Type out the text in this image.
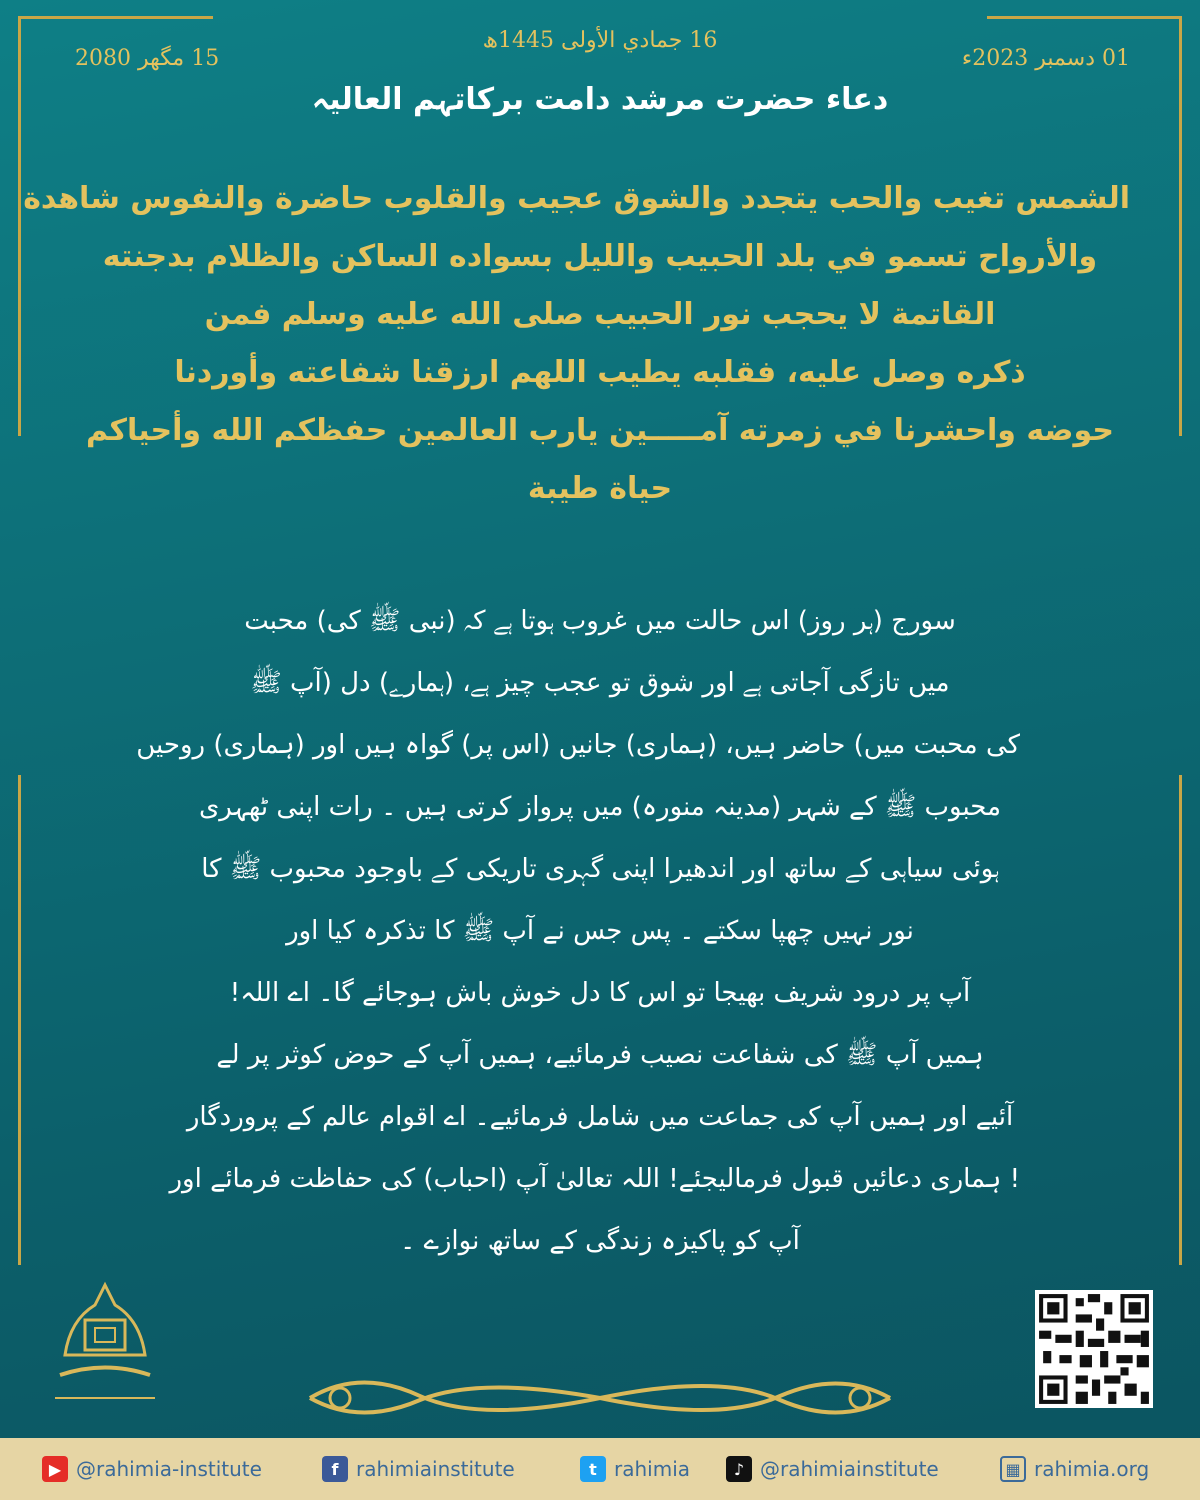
16 جمادي الأولى 1445ھ
15 مگھر 2080	01 دسمبر 2023ء
دعاء حضرت مرشد دامت برکاتہم العالیہ
الشمس تغيب والحب يتجدد والشوق عجيب والقلوب حاضرة والنفوس شاهدة
والأرواح تسمو في بلد الحبيب والليل بسواده الساكن والظلام بدجنته
القاتمة لا يحجب نور الحبيب صلى الله عليه وسلم فمن
ذكره وصل عليه، فقلبه يطيب اللهم ارزقنا شفاعته وأوردنا
حوضه واحشرنا في زمرته آمـــــين يارب العالمين حفظكم الله وأحياكم
حياة طيبة
سورج (ہر روز) اس حالت میں غروب ہوتا ہے کہ (نبی ﷺ کی) محبت
میں تازگی آجاتی ہے اور شوق تو عجب چیز ہے، (ہمارے) دل (آپ ﷺ
کی محبت میں) حاضر ہیں، (ہماری) جانیں (اس پر) گواہ ہیں اور (ہماری) روحیں
محبوب ﷺ کے شہر (مدینہ منورہ) میں پرواز کرتی ہیں ۔ رات اپنی ٹھہری
ہوئی سیاہی کے ساتھ اور اندھیرا اپنی گہری تاریکی کے باوجود محبوب ﷺ کا
نور نہیں چھپا سکتے ۔ پس جس نے آپ ﷺ کا تذکرہ کیا اور
آپ پر درود شریف بھیجا تو اس کا دل خوش باش ہوجائے گا۔ اے اللہ!
ہمیں آپ ﷺ کی شفاعت نصیب فرمائیے، ہمیں آپ کے حوض کوثر پر لے
آئیے اور ہمیں آپ کی جماعت میں شامل فرمائیے۔ اے اقوام عالم کے پروردگار
! ہماری دعائیں قبول فرمالیجئے! اللہ تعالیٰ آپ (احباب) کی حفاظت فرمائے اور
آپ کو پاکیزہ زندگی کے ساتھ نوازے ۔
▶ @rahimia-institute	f rahimiainstitute	t rahimia	♪ @rahimiainstitute	▦ rahimia.org
